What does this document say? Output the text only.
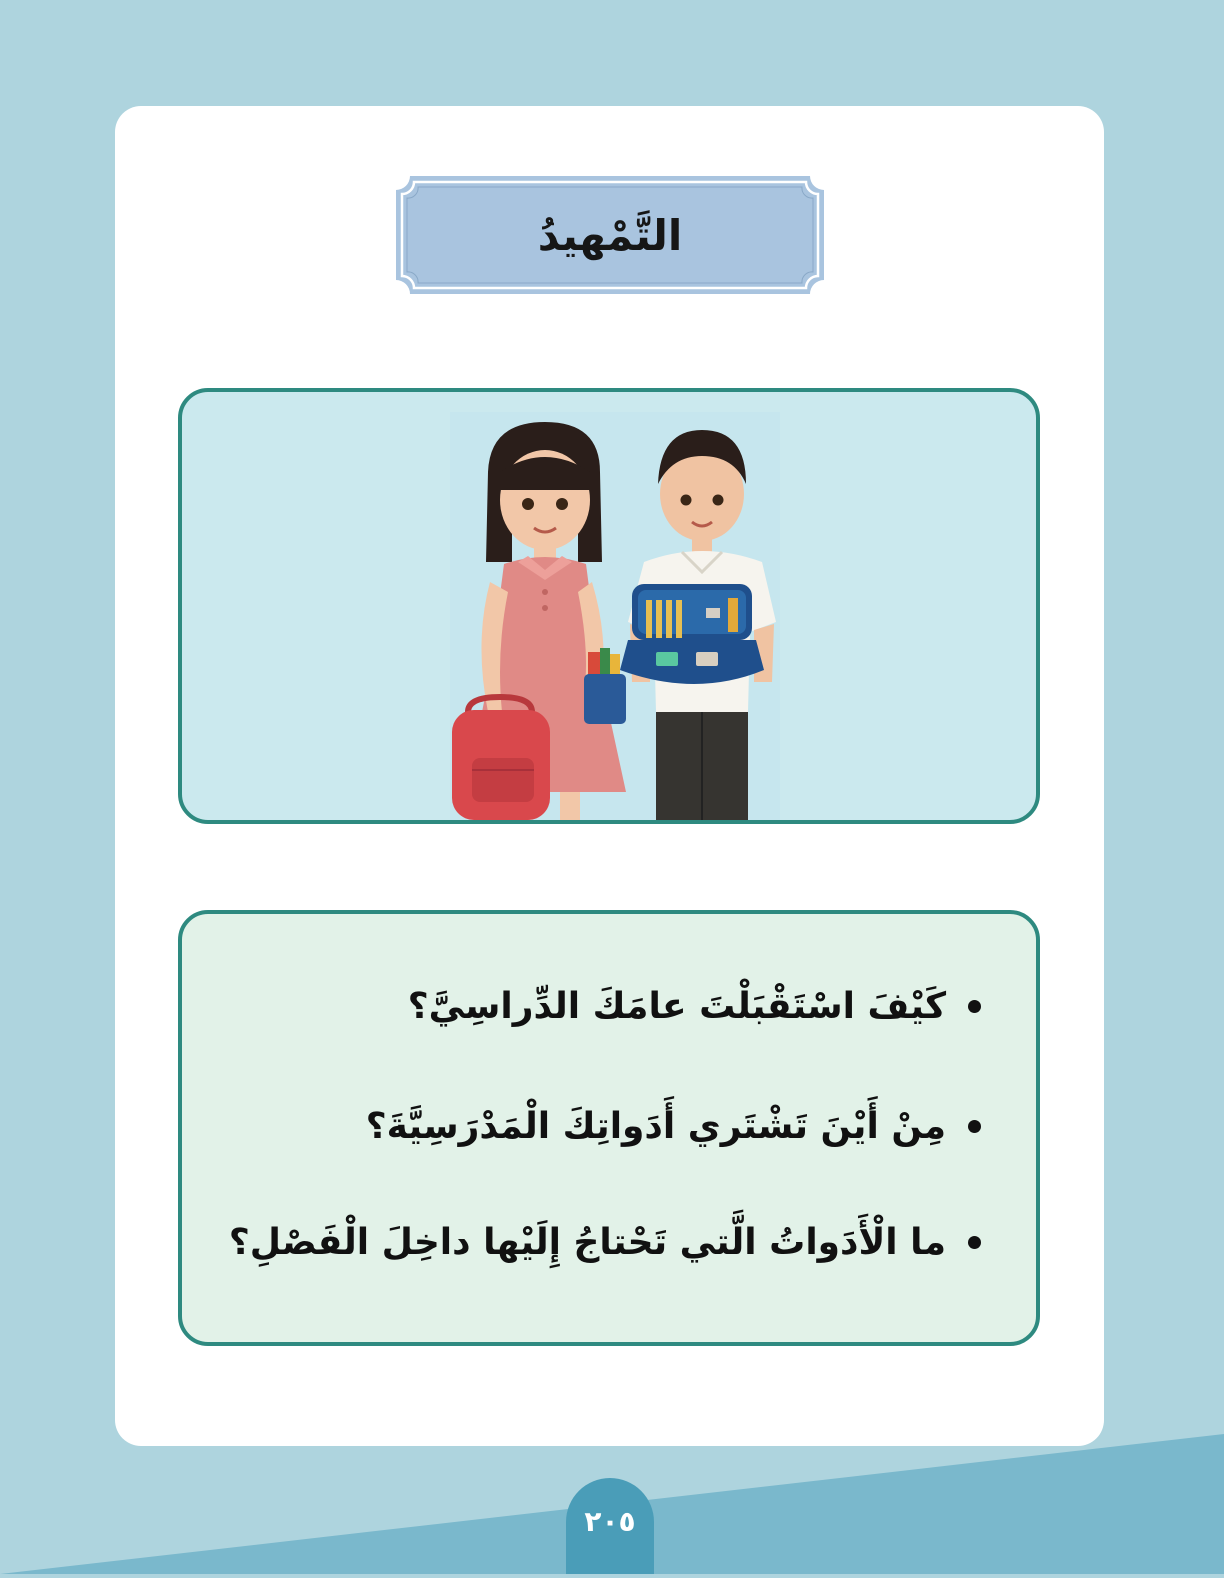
التَّمْهيدُ
كَيْفَ اسْتَقْبَلْتَ عامَكَ الدِّراسِيَّ؟
مِنْ أَيْنَ تَشْتَري أَدَواتِكَ الْمَدْرَسِيَّةَ؟
ما الْأَدَواتُ الَّتي تَحْتاجُ إِلَيْها داخِلَ الْفَصْلِ؟
٢٠٥
